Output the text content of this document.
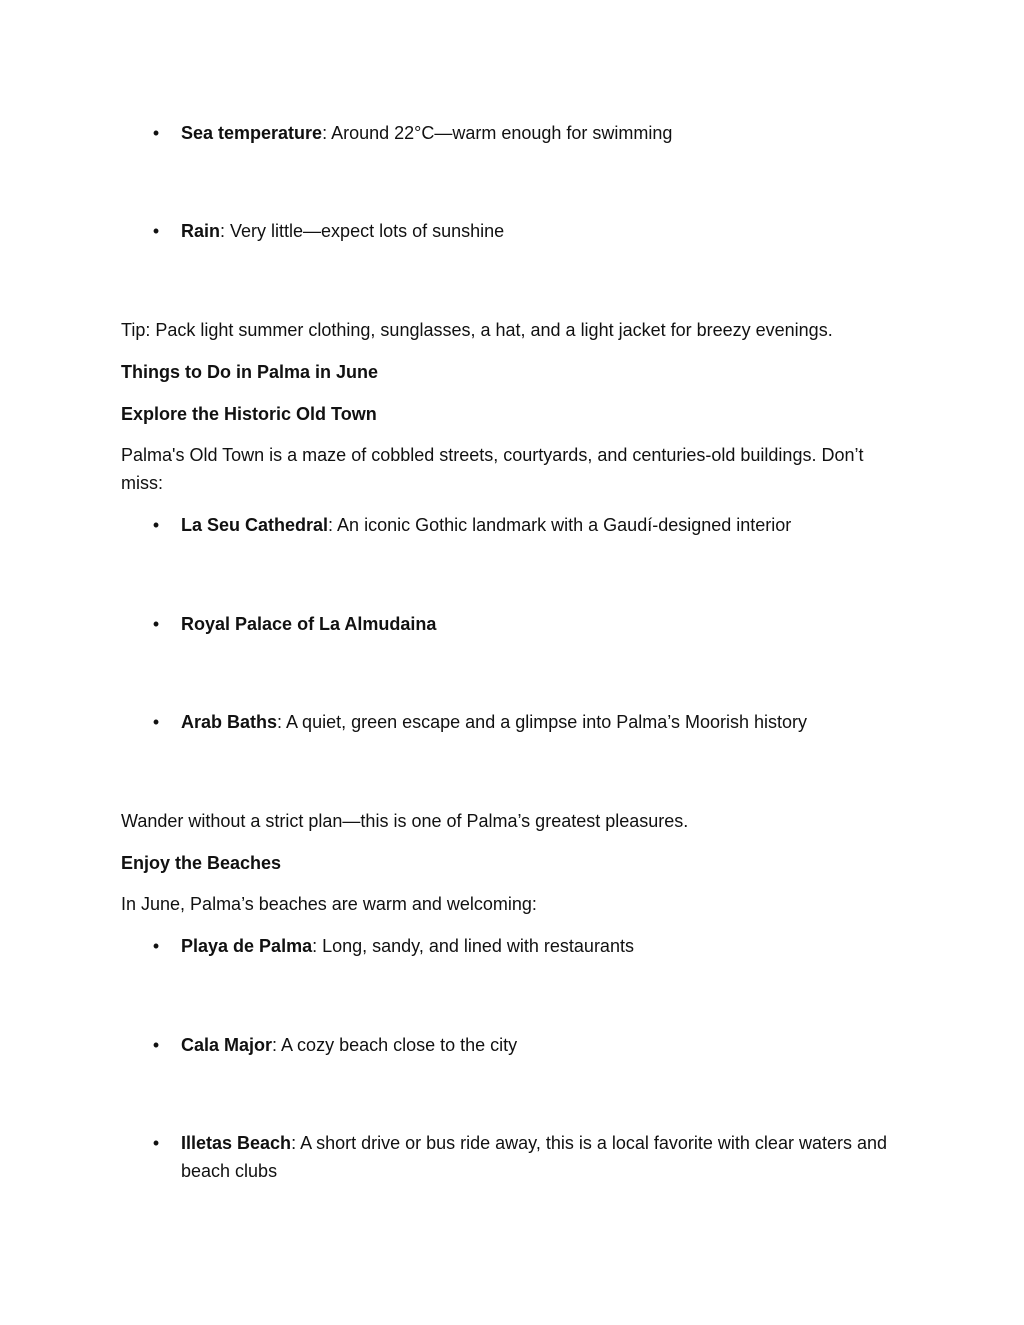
• Sea temperature: Around 22°C—warm enough for swimming
• Rain: Very little—expect lots of sunshine
Tip: Pack light summer clothing, sunglasses, a hat, and a light jacket for breezy evenings.
Things to Do in Palma in June
Explore the Historic Old Town
Palma's Old Town is a maze of cobbled streets, courtyards, and centuries-old buildings. Don’t miss:
• La Seu Cathedral: An iconic Gothic landmark with a Gaudí-designed interior
• Royal Palace of La Almudaina
• Arab Baths: A quiet, green escape and a glimpse into Palma’s Moorish history
Wander without a strict plan—this is one of Palma’s greatest pleasures.
Enjoy the Beaches
In June, Palma’s beaches are warm and welcoming:
• Playa de Palma: Long, sandy, and lined with restaurants
• Cala Major: A cozy beach close to the city
• Illetas Beach: A short drive or bus ride away, this is a local favorite with clear waters and beach clubs
